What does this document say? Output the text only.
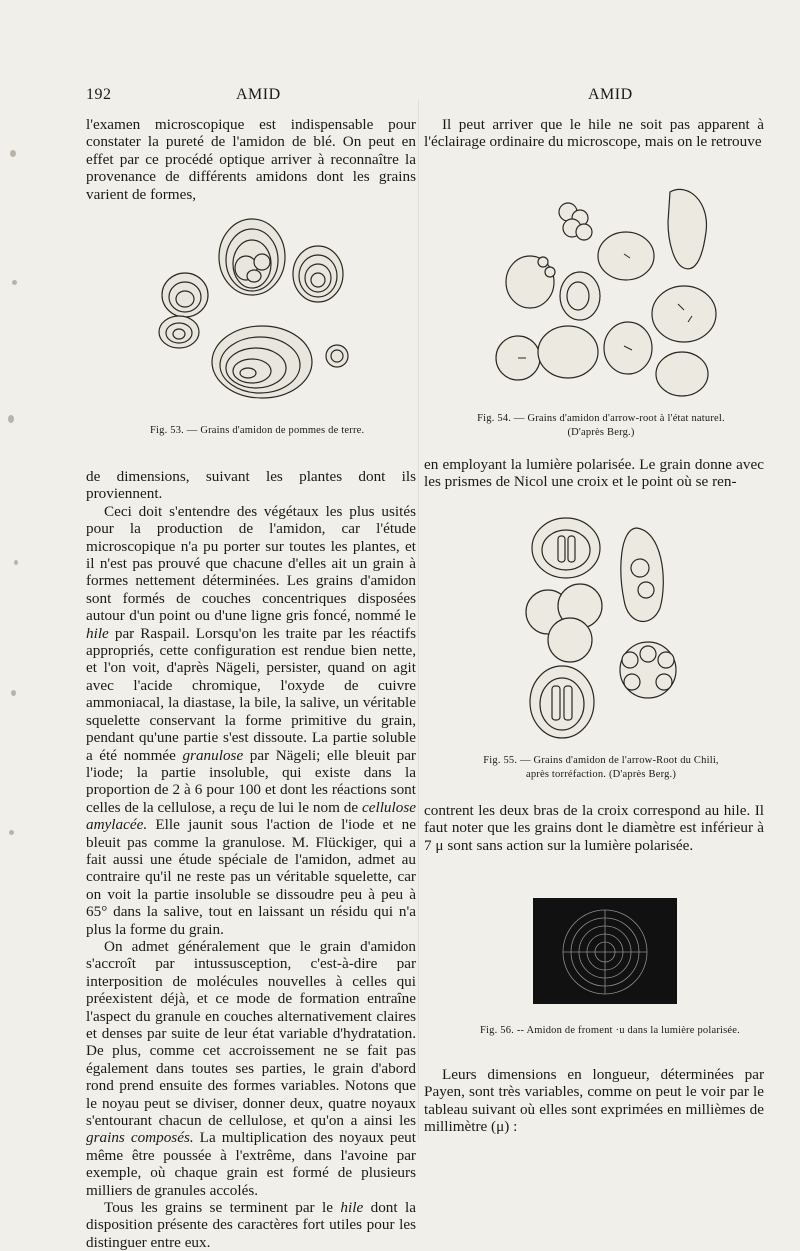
192	AMID	AMID

l'examen microscopique est indispensable pour constater la pureté de l'amidon de blé. On peut en effet par ce procédé optique arriver à reconnaître la provenance de différents amidons dont les grains varient de formes,

Fig. 53. — Grains d'amidon de pommes de terre.

de dimensions, suivant les plantes dont ils proviennent.

Ceci doit s'entendre des végétaux les plus usités pour la production de l'amidon, car l'étude microscopique n'a pu porter sur toutes les plantes, et il n'est pas prouvé que chacune d'elles ait un grain à formes nettement déterminées. Les grains d'amidon sont formés de couches concentriques disposées autour d'un point ou d'une ligne gris foncé, nommé le hile par Raspail. Lorsqu'on les traite par les réactifs appropriés, cette configuration est rendue bien nette, et l'on voit, d'après Nägeli, persister, quand on agit avec l'acide chromique, l'oxyde de cuivre ammoniacal, la diastase, la bile, la salive, un véritable squelette conservant la forme primitive du grain, pendant qu'une partie s'est dissoute. La partie soluble a été nommée granulose par Nägeli; elle bleuit par l'iode; la partie insoluble, qui existe dans la proportion de 2 à 6 pour 100 et dont les réactions sont celles de la cellulose, a reçu de lui le nom de cellulose amylacée. Elle jaunit sous l'action de l'iode et ne bleuit pas comme la granulose. M. Flückiger, qui a fait aussi une étude spéciale de l'amidon, admet au contraire qu'il ne reste pas un véritable squelette, car on voit la partie insoluble se dissoudre peu à peu à 65° dans la salive, tout en laissant un résidu qui n'a plus la forme du grain.

On admet généralement que le grain d'amidon s'accroît par intussusception, c'est-à-dire par interposition de molécules nouvelles à celles qui préexistent déjà, et ce mode de formation entraîne l'aspect du granule en couches alternativement claires et denses par suite de leur état variable d'hydratation. De plus, comme cet accroissement ne se fait pas également dans toutes ses parties, le grain d'abord rond prend ensuite des formes variables. Notons que le noyau peut se diviser, donner deux, quatre noyaux s'entourant chacun de cellulose, et qu'on a ainsi les grains composés. La multiplication des noyaux peut même être poussée à l'extrême, dans l'avoine par exemple, où chaque grain est formé de plusieurs milliers de granules accolés.

Tous les grains se terminent par le hile dont la disposition présente des caractères fort utiles pour les distinguer entre eux.

Il peut arriver que le hile ne soit pas apparent à l'éclairage ordinaire du microscope, mais on le retrouve

Fig. 54. — Grains d'amidon d'arrow-root à l'état naturel.
(D'après Berg.)

en employant la lumière polarisée. Le grain donne avec les prismes de Nicol une croix et le point où se ren-

Fig. 55. — Grains d'amidon de l'arrow-Root du Chili,
après torréfaction. (D'après Berg.)

contrent les deux bras de la croix correspond au hile. Il faut noter que les grains dont le diamètre est inférieur à 7 μ sont sans action sur la lumière polarisée.

Fig. 56. -- Amidon de froment ·u dans la lumière polarisée.

Leurs dimensions en longueur, déterminées par Payen, sont très variables, comme on peut le voir par le tableau suivant où elles sont exprimées en millièmes de millimètre (μ) :
